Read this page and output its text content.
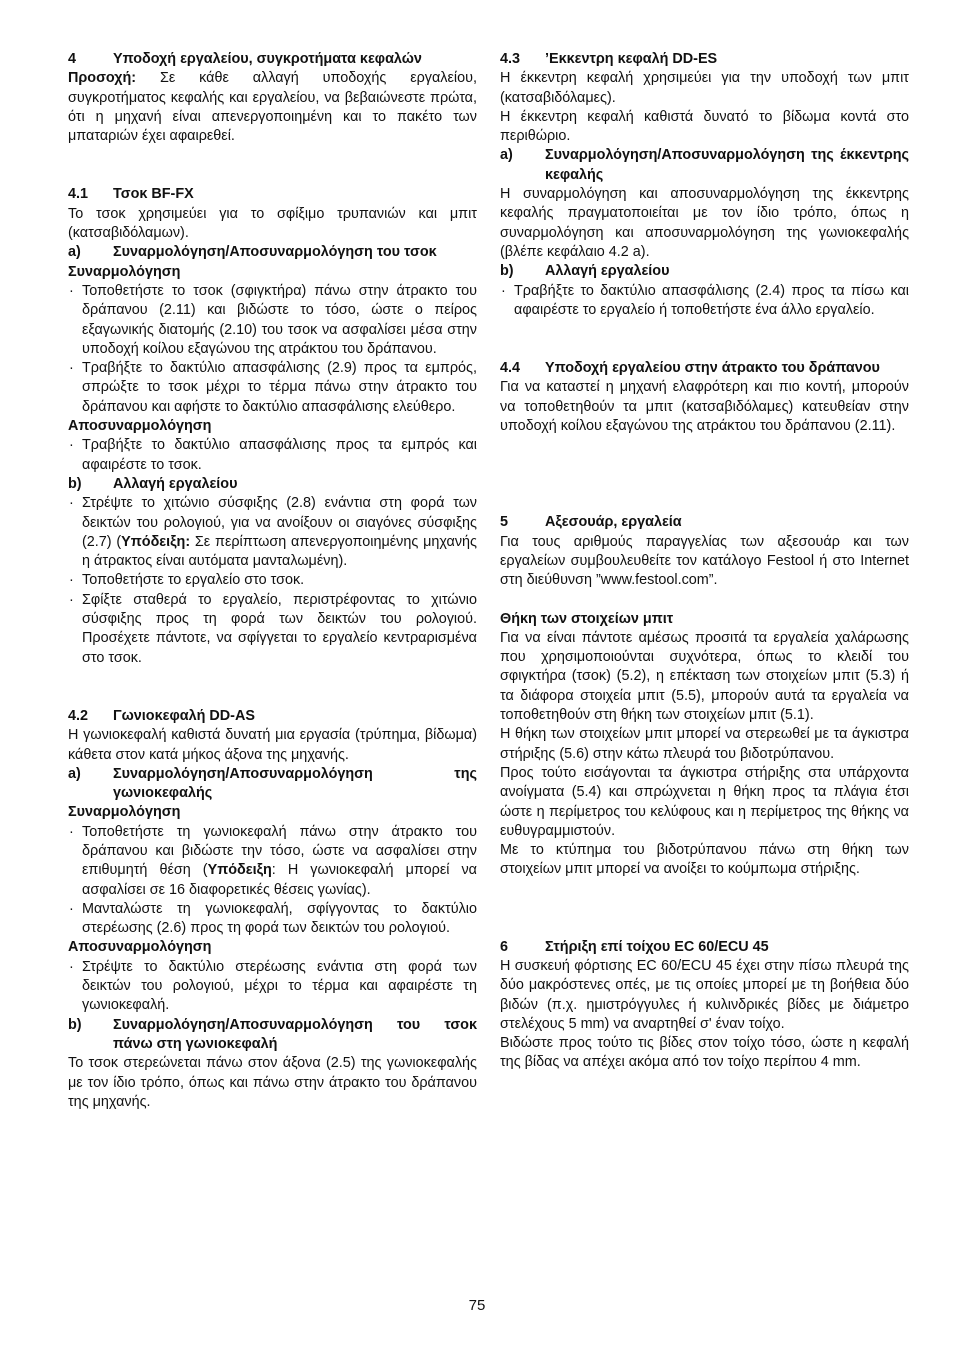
4	Υποδοχή εργαλείου, συγκροτήματα κεφαλών

Προσοχή: Σε κάθε αλλαγή υποδοχής εργαλείου, συγκροτήματος κεφαλής και εργαλείου, να βεβαιώνεστε πρώτα, ότι η μηχανή είναι απενεργοποιημένη και το πακέτο των μπαταριών έχει αφαιρεθεί.

4.1	Τσοκ BF-FX

Το τσοκ χρησιμεύει για το σφίξιμο τρυπανιών και μπιτ (κατσαβιδόλαμων).

a)	Συναρμολόγηση/Αποσυναρμολόγηση του τσοκ
Συναρμολόγηση

· Τοποθετήστε το τσοκ (σφιγκτήρα) πάνω στην άτρακτο του δράπανου (2.11) και βιδώστε το τόσο, ώστε ο πείρος εξαγωνικής διατομής (2.10) του τσοκ να ασφαλίσει μέσα στην υποδοχή κοίλου εξαγώνου της ατράκτου του δράπανου.

· Τραβήξτε το δακτύλιο απασφάλισης (2.9) προς τα εμπρός, σπρώξτε το τσοκ μέχρι το τέρμα πάνω στην άτρακτο του δράπανου και αφήστε το δακτύλιο απασφάλισης ελεύθερο.

Αποσυναρμολόγηση

· Τραβήξτε το δακτύλιο απασφάλισης προς τα εμπρός και αφαιρέστε το τσοκ.

b)	Αλλαγή εργαλείου

· Στρέψτε το χιτώνιο σύσφιξης (2.8) ενάντια στη φορά των δεικτών του ρολογιού, για να ανοίξουν οι σιαγόνες σύσφιξης (2.7) (Υπόδειξη: Σε περίπτωση απενεργοποιημένης μηχανής η άτρακτος είναι αυτόματα μανταλωμένη).

· Τοποθετήστε το εργαλείο στο τσοκ.

· Σφίξτε σταθερά το εργαλείο, περιστρέφοντας το χιτώνιο σύσφιξης προς τη φορά των δεικτών του ρολογιού. Προσέχετε πάντοτε, να σφίγγεται το εργαλείο κεντραρισμένα στο τσοκ.

4.2	Γωνιοκεφαλή DD-AS

Η γωνιοκεφαλή καθιστά δυνατή μια εργασία (τρύπημα, βίδωμα) κάθετα στον κατά μήκος άξονα της μηχανής.

a)	Συναρμολόγηση/Αποσυναρμολόγηση της γωνιοκεφαλής
Συναρμολόγηση

· Τοποθετήστε τη γωνιοκεφαλή πάνω στην άτρακτο του δράπανου και βιδώστε την τόσο, ώστε να ασφαλίσει στην επιθυμητή θέση (Υπόδειξη: Η γωνιοκεφαλή μπορεί να ασφαλίσει σε 16 διαφορετικές θέσεις γωνίας).

· Μανταλώστε τη γωνιοκεφαλή, σφίγγοντας το δακτύλιο στερέωσης (2.6) προς τη φορά των δεικτών του ρολογιού.

Αποσυναρμολόγηση

· Στρέψτε το δακτύλιο στερέωσης ενάντια στη φορά των δεικτών του ρολογιού, μέχρι το τέρμα και αφαιρέστε τη γωνιοκεφαλή.

b)	Συναρμολόγηση/Αποσυναρμολόγηση του τσοκ πάνω στη γωνιοκεφαλή

Το τσοκ στερεώνεται πάνω στον άξονα (2.5) της γωνιοκεφαλής με τον ίδιο τρόπο, όπως και πάνω στην άτρακτο του δράπανου της μηχανής.

4.3	’Εκκεντρη κεφαλή DD-ES

Η έκκεντρη κεφαλή χρησιμεύει για την υποδοχή των μπιτ (κατσαβιδόλαμες).

Η έκκεντρη κεφαλή καθιστά δυνατό το βίδωμα κοντά στο περιθώριο.

a)	Συναρμολόγηση/Αποσυναρμολόγηση της έκκεντρης κεφαλής

Η συναρμολόγηση και αποσυναρμολόγηση της έκκεντρης κεφαλής πραγματοποιείται με τον ίδιο τρόπο, όπως η συναρμολόγηση και αποσυναρμολόγηση της γωνιοκεφαλής (βλέπε κεφάλαιο 4.2 a).

b)	Αλλαγή εργαλείου

· Τραβήξτε το δακτύλιο απασφάλισης (2.4) προς τα πίσω και αφαιρέστε το εργαλείο ή τοποθετήστε ένα άλλο εργαλείο.

4.4	Υποδοχή εργαλείου στην άτρακτο του δράπανου

Για να καταστεί η μηχανή ελαφρότερη και πιο κοντή, μπορούν να τοποθετηθούν τα μπιτ (κατσαβιδόλαμες) κατευθείαν στην υποδοχή κοίλου εξαγώνου της ατράκτου του δράπανου (2.11).

5	Αξεσουάρ, εργαλεία

Για τους αριθμούς παραγγελίας των αξεσουάρ και των εργαλείων συμβουλευθείτε τον κατάλογο Festool ή στο Internet στη διεύθυνση ”www.festool.com”.

Θήκη των στοιχείων μπιτ

Για να είναι πάντοτε αμέσως προσιτά τα εργαλεία χαλάρωσης που χρησιμοποιούνται συχνότερα, όπως το κλειδί του σφιγκτήρα (τσοκ) (5.2), η επέκταση των στοιχείων μπιτ (5.3) ή τα διάφορα στοιχεία μπιτ (5.5), μπορούν αυτά τα εργαλεία να τοποθετηθούν στη θήκη των στοιχείων μπιτ (5.1).

Η θήκη των στοιχείων μπιτ μπορεί να στερεωθεί με τα άγκιστρα στήριξης (5.6) στην κάτω πλευρά του βιδοτρύπανου.

Προς τούτο εισάγονται τα άγκιστρα στήριξης στα υπάρχοντα ανοίγματα (5.4) και σπρώχνεται η θήκη προς τα πλάγια έτσι ώστε η περίμετρος του κελύφους και η περίμετρος της θήκης να ευθυγραμμιστούν.

Με το κτύπημα του βιδοτρύπανου πάνω στη θήκη των στοιχείων μπιτ μπορεί να ανοίξει το κούμπωμα στήριξης.

6	Στήριξη επί τοίχου EC 60/ECU 45

Η συσκευή φόρτισης EC 60/ECU 45 έχει στην πίσω πλευρά της δύο μακρόστενες οπές, με τις οποίες μπορεί με τη βοήθεια δύο βιδών (π.χ. ημιστρόγγυλες ή κυλινδρικές βίδες με διάμετρο στελέχους 5 mm) να αναρτηθεί σ' έναν τοίχο.

Βιδώστε προς τούτο τις βίδες στον τοίχο τόσο, ώστε η κεφαλή της βίδας να απέχει ακόμα από τον τοίχο περίπου 4 mm.

75
